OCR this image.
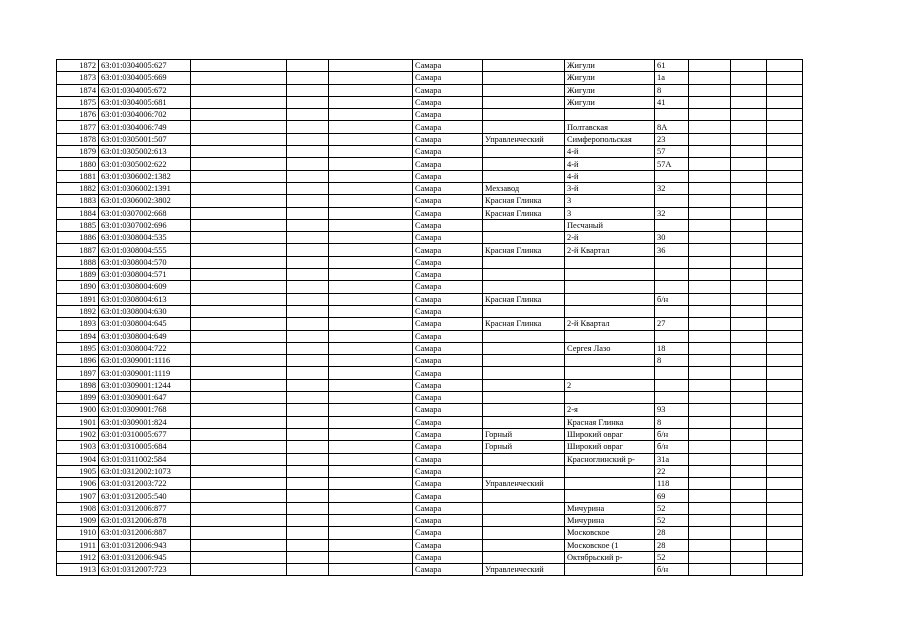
1872	63:01:0304005:627				Самара		Жигули	61			
1873	63:01:0304005:669				Самара		Жигули	1а			
1874	63:01:0304005:672				Самара		Жигули	8			
1875	63:01:0304005:681				Самара		Жигули	41			
1876	63:01:0304006:702				Самара						
1877	63:01:0304006:749				Самара		Полтавская	8А			
1878	63:01:0305001:507				Самара	Управленческий	Симферопольская	23			
1879	63:01:0305002:613				Самара		4-й	57			
1880	63:01:0305002:622				Самара		4-й	57А			
1881	63:01:0306002:1382				Самара		4-й				
1882	63:01:0306002:1391				Самара	Мехзавод	3-й	32			
1883	63:01:0306002:3802				Самара	Красная Глинка	3				
1884	63:01:0307002:668				Самара	Красная Глинка	3	32			
1885	63:01:0307002:696				Самара		Песчаный				
1886	63:01:0308004:535				Самара		2-й	30			
1887	63:01:0308004:555				Самара	Красная Глинка	2-й Квартал	36			
1888	63:01:0308004:570				Самара						
1889	63:01:0308004:571				Самара						
1890	63:01:0308004:609				Самара						
1891	63:01:0308004:613				Самара	Красная Глинка		б/н			
1892	63:01:0308004:630				Самара						
1893	63:01:0308004:645				Самара	Красная Глинка	2-й Квартал	27			
1894	63:01:0308004:649				Самара						
1895	63:01:0308004:722				Самара		Сергея Лазо	18			
1896	63:01:0309001:1116				Самара			8			
1897	63:01:0309001:1119				Самара						
1898	63:01:0309001:1244				Самара		2				
1899	63:01:0309001:647				Самара						
1900	63:01:0309001:768				Самара		2-я	93			
1901	63:01:0309001:824				Самара		Красная Глинка	8			
1902	63:01:0310005:677				Самара	Горный	Широкий овраг	б/н			
1903	63:01:0310005:684				Самара	Горный	Широкий овраг	б/н			
1904	63:01:0311002:584				Самара		Красноглинский р-	31а			
1905	63:01:0312002:1073				Самара			22			
1906	63:01:0312003:722				Самара	Управленческий		118			
1907	63:01:0312005:540				Самара			69			
1908	63:01:0312006:877				Самара		Мичурина	52			
1909	63:01:0312006:878				Самара		Мичурина	52			
1910	63:01:0312006:887				Самара		Московское	28			
1911	63:01:0312006:943				Самара		Московское (1	28			
1912	63:01:0312006:945				Самара		Октябрьский р-	52			
1913	63:01:0312007:723				Самара	Управленческий		б/н			
